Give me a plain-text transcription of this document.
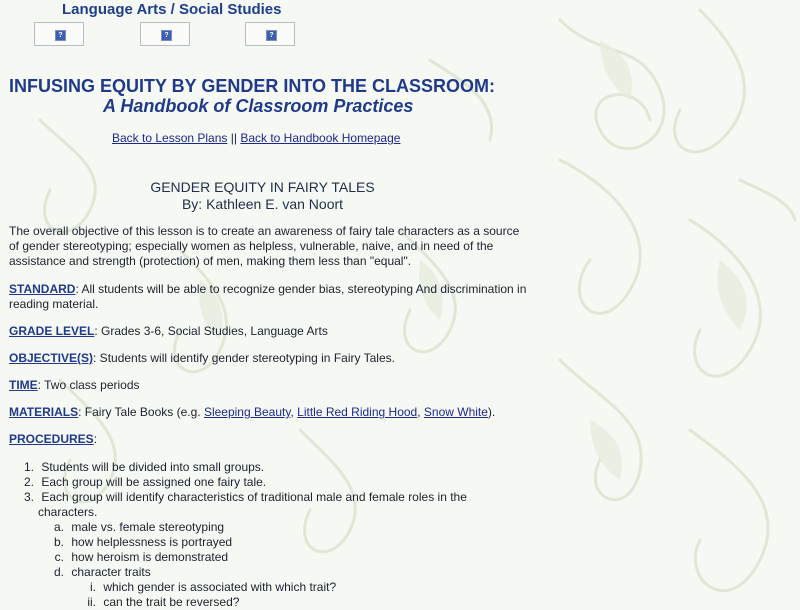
Language Arts / Social Studies
?	?	?
INFUSING EQUITY BY GENDER INTO THE CLASSROOM:
A Handbook of Classroom Practices
Back to Lesson Plans || Back to Handbook Homepage
GENDER EQUITY IN FAIRY TALES
By: Kathleen E. van Noort
The overall objective of this lesson is to create an awareness of fairy tale characters as a source of gender stereotyping; especially women as helpless, vulnerable, naive, and in need of the assistance and strength (protection) of men, making them less than "equal".
STANDARD: All students will be able to recognize gender bias, stereotyping And discrimination in reading material.
GRADE LEVEL: Grades 3-6, Social Studies, Language Arts
OBJECTIVE(S): Students will identify gender stereotyping in Fairy Tales.
TIME: Two class periods
MATERIALS: Fairy Tale Books (e.g. Sleeping Beauty, Little Red Riding Hood, Snow White).
PROCEDURES:
1. Students will be divided into small groups.
2. Each group will be assigned one fairy tale.
3. Each group will identify characteristics of traditional male and female roles in the
characters.
a. male vs. female stereotyping
b. how helplessness is portrayed
c. how heroism is demonstrated
d. character traits
i. which gender is associated with which trait?
ii. can the trait be reversed?
